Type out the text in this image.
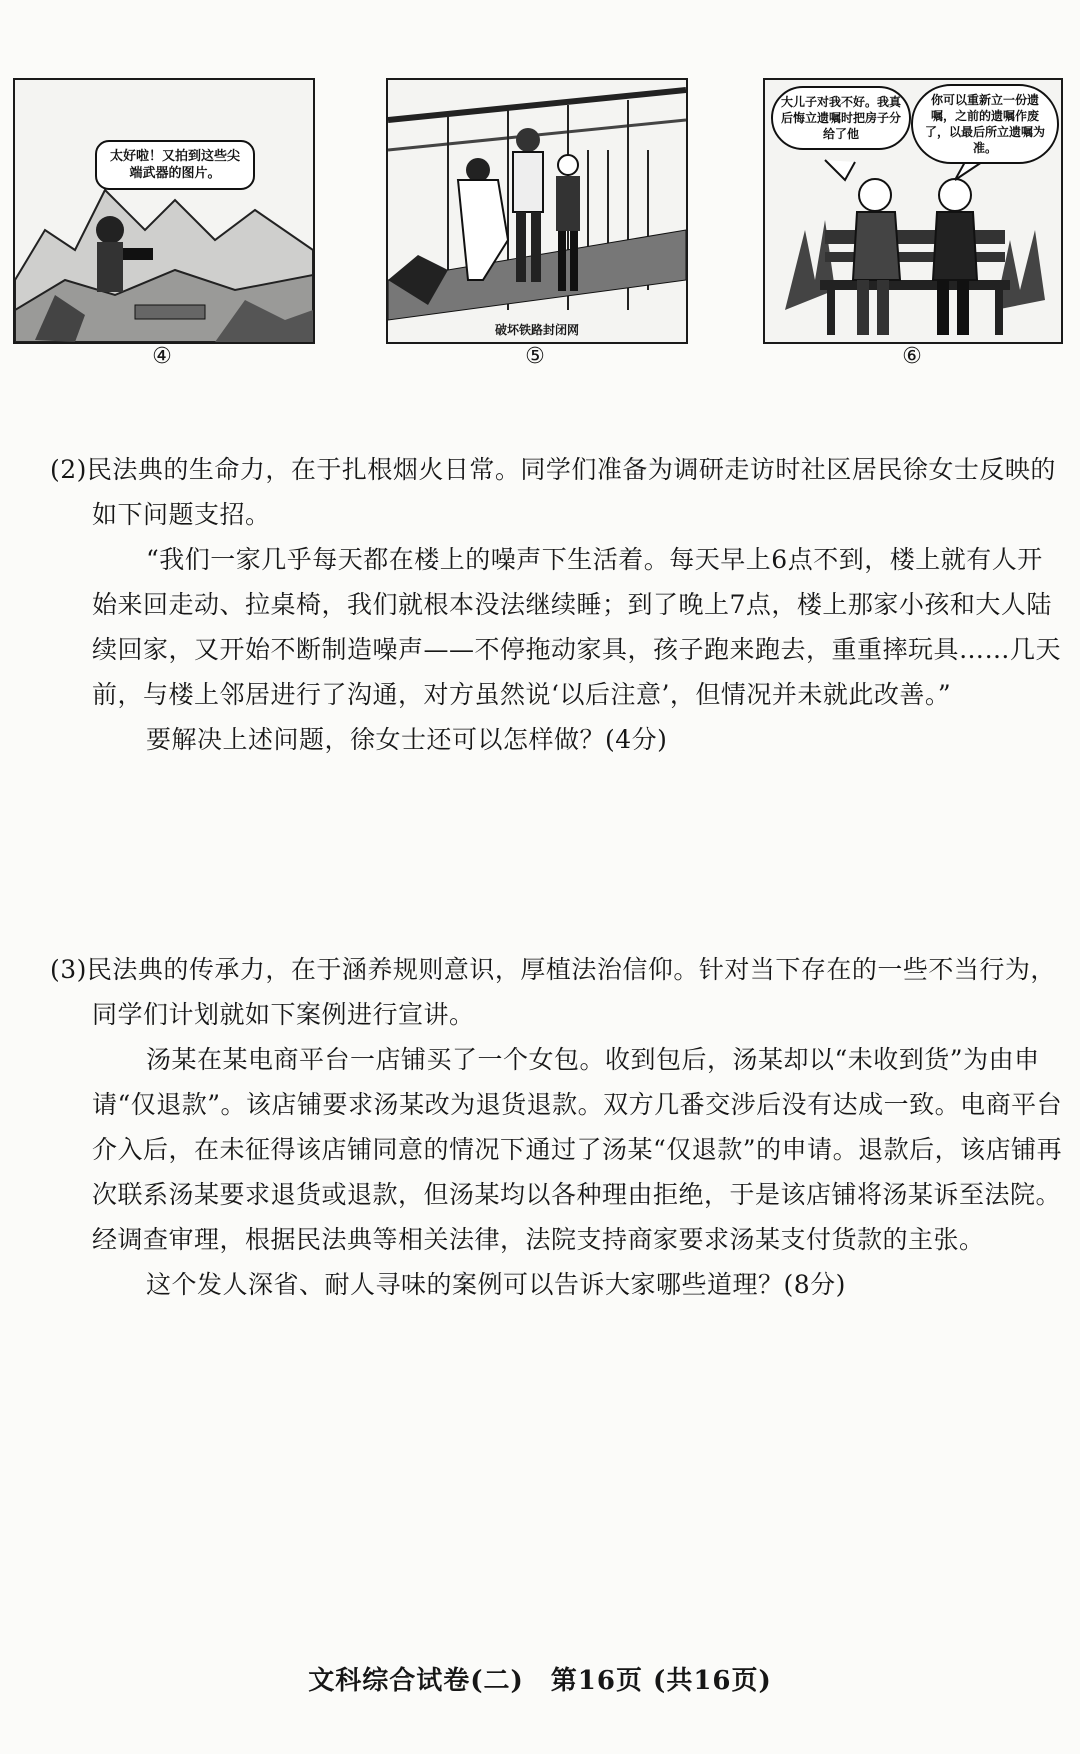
太好啦！又拍到这些尖端武器的图片。
④
破坏铁路封闭网
⑤
大儿子对我不好。我真后悔立遗嘱时把房子分给了他
你可以重新立一份遗嘱，之前的遗嘱作废了，以最后所立遗嘱为准。
⑥

(2)民法典的生命力，在于扎根烟火日常。同学们准备为调研走访时社区居民徐女士反映的如下问题支招。

“我们一家几乎每天都在楼上的噪声下生活着。每天早上6点不到，楼上就有人开始来回走动、拉桌椅，我们就根本没法继续睡；到了晚上7点，楼上那家小孩和大人陆续回家，又开始不断制造噪声——不停拖动家具，孩子跑来跑去，重重摔玩具……几天前，与楼上邻居进行了沟通，对方虽然说‘以后注意’，但情况并未就此改善。”

要解决上述问题，徐女士还可以怎样做？(4分)

(3)民法典的传承力，在于涵养规则意识，厚植法治信仰。针对当下存在的一些不当行为，同学们计划就如下案例进行宣讲。

汤某在某电商平台一店铺买了一个女包。收到包后，汤某却以“未收到货”为由申请“仅退款”。该店铺要求汤某改为退货退款。双方几番交涉后没有达成一致。电商平台介入后，在未征得该店铺同意的情况下通过了汤某“仅退款”的申请。退款后，该店铺再次联系汤某要求退货或退款，但汤某均以各种理由拒绝，于是该店铺将汤某诉至法院。经调查审理，根据民法典等相关法律，法院支持商家要求汤某支付货款的主张。

这个发人深省、耐人寻味的案例可以告诉大家哪些道理？(8分)

文科综合试卷(二)　第16页 (共16页)
